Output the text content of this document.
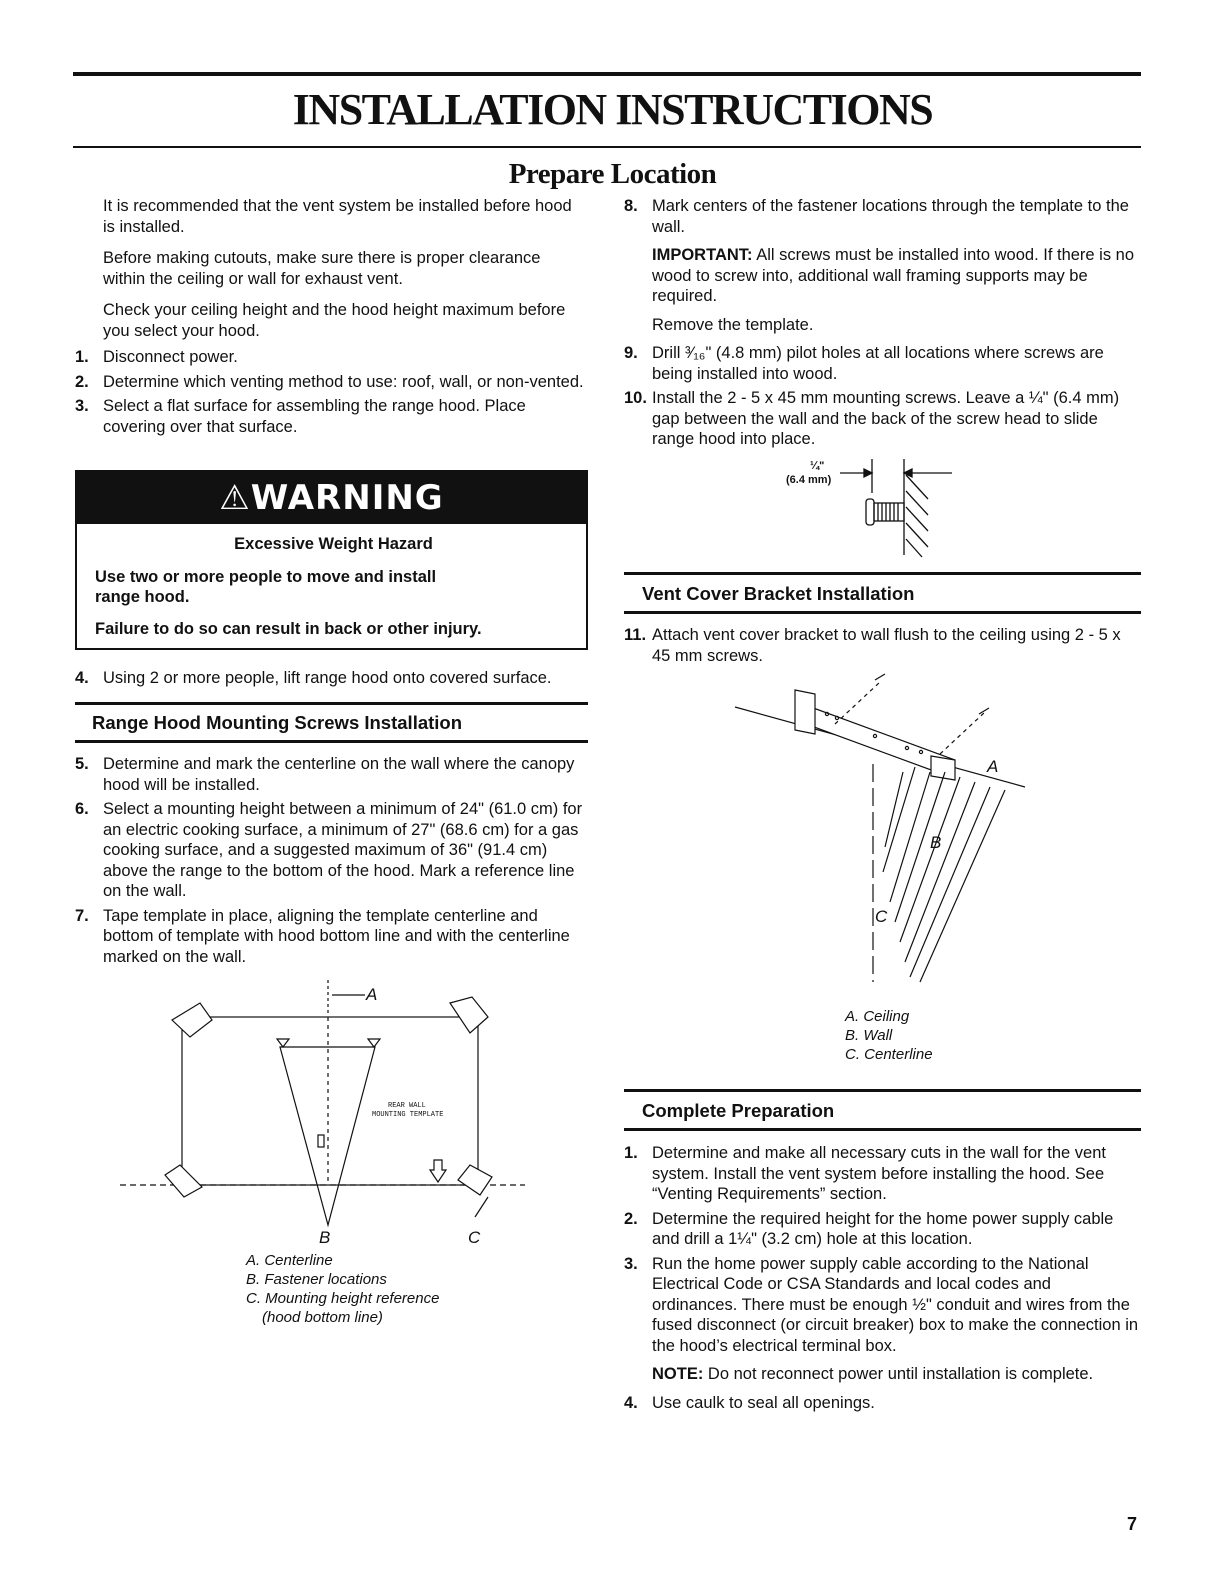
INSTALLATION INSTRUCTIONS
Prepare Location

It is recommended that the vent system be installed before hood is installed.

Before making cutouts, make sure there is proper clearance within the ceiling or wall for exhaust vent.

Check your ceiling height and the hood height maximum before you select your hood.

1. Disconnect power.
2. Determine which venting method to use: roof, wall, or non-vented.
3. Select a flat surface for assembling the range hood. Place covering over that surface.
⚠WARNING
Excessive Weight Hazard

Use two or more people to move and install range hood.

Failure to do so can result in back or other injury.

4. Using 2 or more people, lift range hood onto covered surface.
Range Hood Mounting Screws Installation
5. Determine and mark the centerline on the wall where the canopy hood will be installed.
6. Select a mounting height between a minimum of 24" (61.0 cm) for an electric cooking surface, a minimum of 27" (68.6 cm) for a gas cooking surface, and a suggested maximum of 36" (91.4 cm) above the range to the bottom of the hood. Mark a reference line on the wall.
7. Tape template in place, aligning the template centerline and bottom of template with hood bottom line and with the centerline marked on the wall.
REAR WALL
MOUNTING TEMPLATE
A
B	C
A. Centerline
B. Fastener locations
C. Mounting height reference
(hood bottom line)
8. Mark centers of the fastener locations through the template to the wall.
IMPORTANT: All screws must be installed into wood. If there is no wood to screw into, additional wall framing supports may be required.
Remove the template.
9. Drill ³⁄₁₆" (4.8 mm) pilot holes at all locations where screws are being installed into wood.
10. Install the 2 - 5 x 45 mm mounting screws. Leave a ¼" (6.4 mm) gap between the wall and the back of the screw head to slide range hood into place.
¼"
(6.4 mm)
Vent Cover Bracket Installation
11. Attach vent cover bracket to wall flush to the ceiling using 2 - 5 x 45 mm screws.
A
B
C
A. Ceiling
B. Wall
C. Centerline
Complete Preparation
1. Determine and make all necessary cuts in the wall for the vent system. Install the vent system before installing the hood. See “Venting Requirements” section.
2. Determine the required height for the home power supply cable and drill a 1¼" (3.2 cm) hole at this location.
3. Run the home power supply cable according to the National Electrical Code or CSA Standards and local codes and ordinances. There must be enough ½" conduit and wires from the fused disconnect (or circuit breaker) box to make the connection in the hood’s electrical terminal box.
NOTE: Do not reconnect power until installation is complete.
4. Use caulk to seal all openings.
7
